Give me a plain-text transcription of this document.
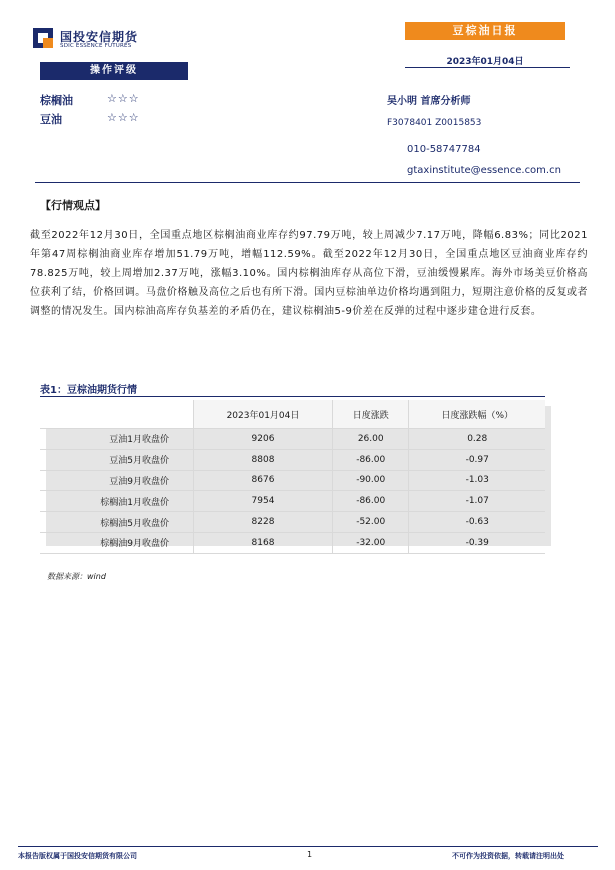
国投安信期货
SDIC ESSENCE FUTURES
豆棕油日报
2023年01月04日
操作评级
棕榈油	☆☆☆
豆油	☆☆☆
吴小明 首席分析师
F3078401 Z0015853
010-58747784
gtaxinstitute@essence.com.cn
【行情观点】
截至2022年12月30日，全国重点地区棕榈油商业库存约97.79万吨，较上周减少7.17万吨，降幅6.83%；同比2021年第47周棕榈油商业库存增加51.79万吨，增幅112.59%。截至2022年12月30日，全国重点地区豆油商业库存约78.825万吨，较上周增加2.37万吨，涨幅3.10%。国内棕榈油库存从高位下滑，豆油缓慢累库。海外市场美豆价格高位获利了结，价格回调。马盘价格触及高位之后也有所下滑。国内豆棕油单边价格均遇到阻力，短期注意价格的反复或者调整的情况发生。国内棕油高库存负基差的矛盾仍在，建议棕榈油5-9价差在反弹的过程中逐步建仓进行反套。
表1：豆棕油期货行情
	2023年01月04日	日度涨跌	日度涨跌幅（%）
豆油1月收盘价	9206	26.00	0.28
豆油5月收盘价	8808	-86.00	-0.97
豆油9月收盘价	8676	-90.00	-1.03
棕榈油1月收盘价	7954	-86.00	-1.07
棕榈油5月收盘价	8228	-52.00	-0.63
棕榈油9月收盘价	8168	-32.00	-0.39
数据来源：wind
本报告版权属于国投安信期货有限公司	1	不可作为投资依据，转载请注明出处
